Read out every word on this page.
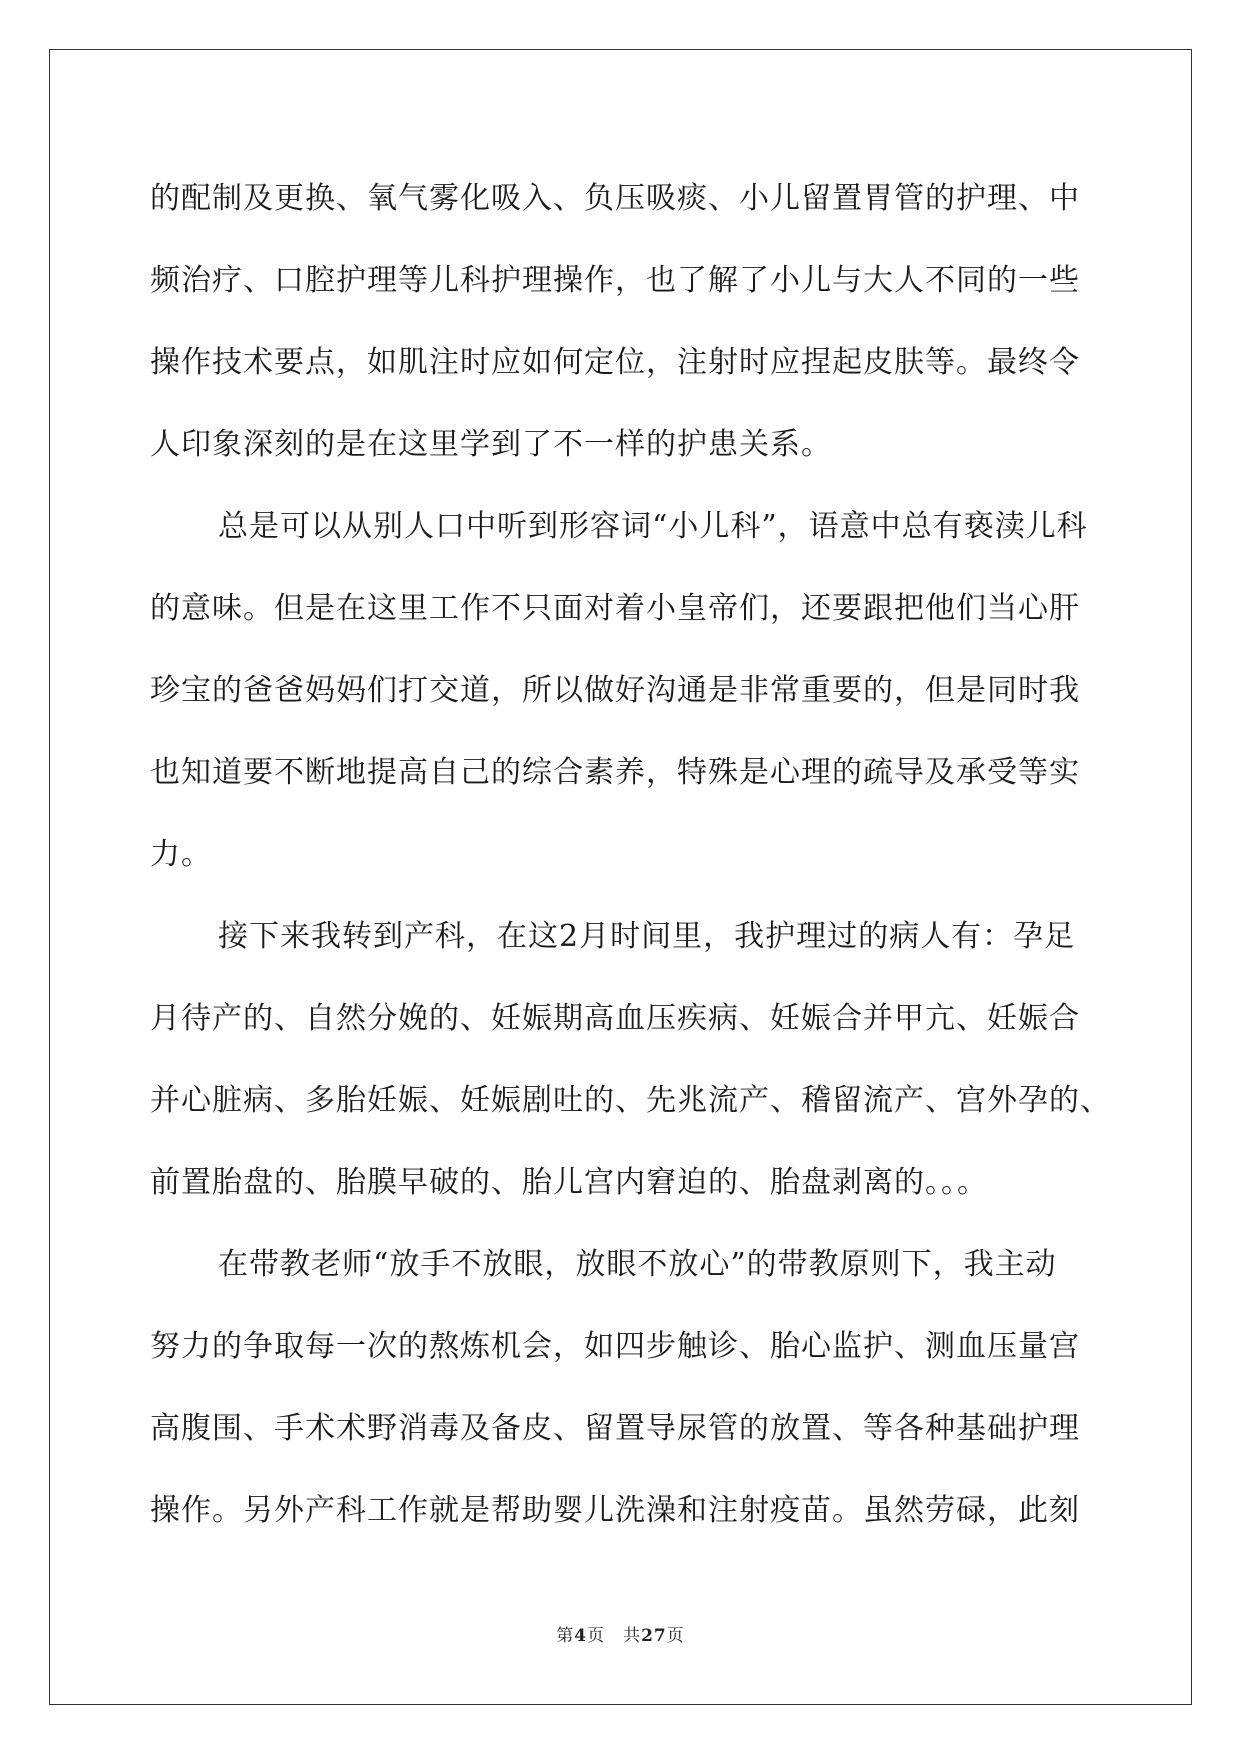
的配制及更换、氧气雾化吸入、负压吸痰、小儿留置胃管的护理、中
频治疗、口腔护理等儿科护理操作，也了解了小儿与大人不同的一些
操作技术要点，如肌注时应如何定位，注射时应捏起皮肤等。最终令
人印象深刻的是在这里学到了不一样的护患关系。
总是可以从别人口中听到形容词“小儿科”，语意中总有亵渎儿科
的意味。但是在这里工作不只面对着小皇帝们，还要跟把他们当心肝
珍宝的爸爸妈妈们打交道，所以做好沟通是非常重要的，但是同时我
也知道要不断地提高自己的综合素养，特殊是心理的疏导及承受等实
力。
接下来我转到产科，在这2月时间里，我护理过的病人有：孕足
月待产的、自然分娩的、妊娠期高血压疾病、妊娠合并甲亢、妊娠合
并心脏病、多胎妊娠、妊娠剧吐的、先兆流产、稽留流产、宫外孕的、
前置胎盘的、胎膜早破的、胎儿宫内窘迫的、胎盘剥离的。。。
在带教老师“放手不放眼，放眼不放心”的带教原则下，我主动
努力的争取每一次的熬炼机会，如四步触诊、胎心监护、测血压量宫
高腹围、手术术野消毒及备皮、留置导尿管的放置、等各种基础护理
操作。另外产科工作就是帮助婴儿洗澡和注射疫苗。虽然劳碌，此刻
第4页 共27页
